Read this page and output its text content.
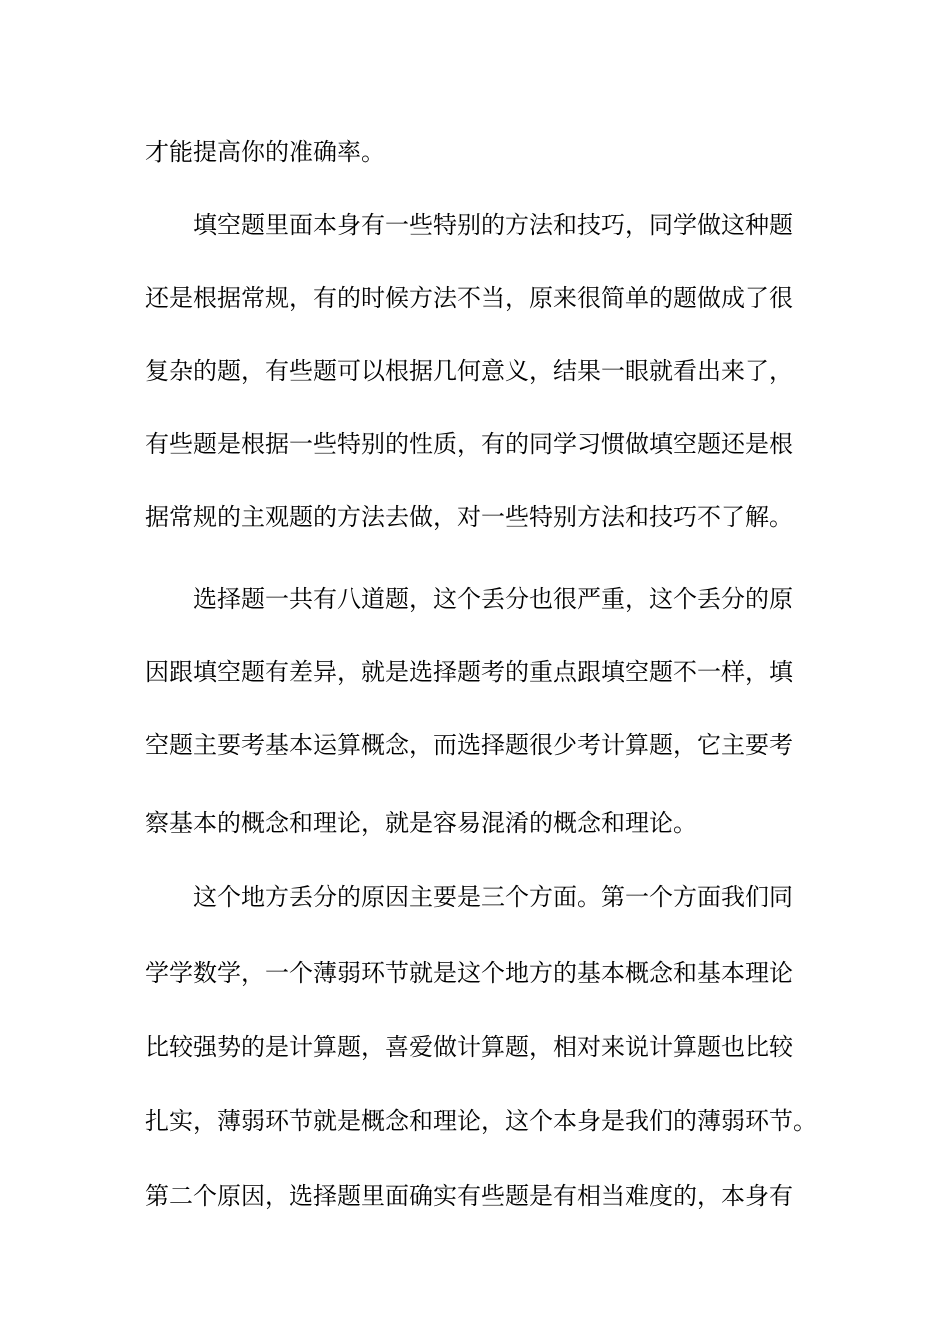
才能提高你的准确率。
填空题里面本身有一些特别的方法和技巧，同学做这种题
还是根据常规，有的时候方法不当，原来很简单的题做成了很
复杂的题，有些题可以根据几何意义，结果一眼就看出来了，
有些题是根据一些特别的性质，有的同学习惯做填空题还是根
据常规的主观题的方法去做，对一些特别方法和技巧不了解。
选择题一共有八道题，这个丢分也很严重，这个丢分的原
因跟填空题有差异，就是选择题考的重点跟填空题不一样，填
空题主要考基本运算概念，而选择题很少考计算题，它主要考
察基本的概念和理论，就是容易混淆的概念和理论。
这个地方丢分的原因主要是三个方面。第一个方面我们同
学学数学，一个薄弱环节就是这个地方的基本概念和基本理论
比较强势的是计算题，喜爱做计算题，相对来说计算题也比较
扎实，薄弱环节就是概念和理论，这个本身是我们的薄弱环节。
第二个原因，选择题里面确实有些题是有相当难度的，本身有
